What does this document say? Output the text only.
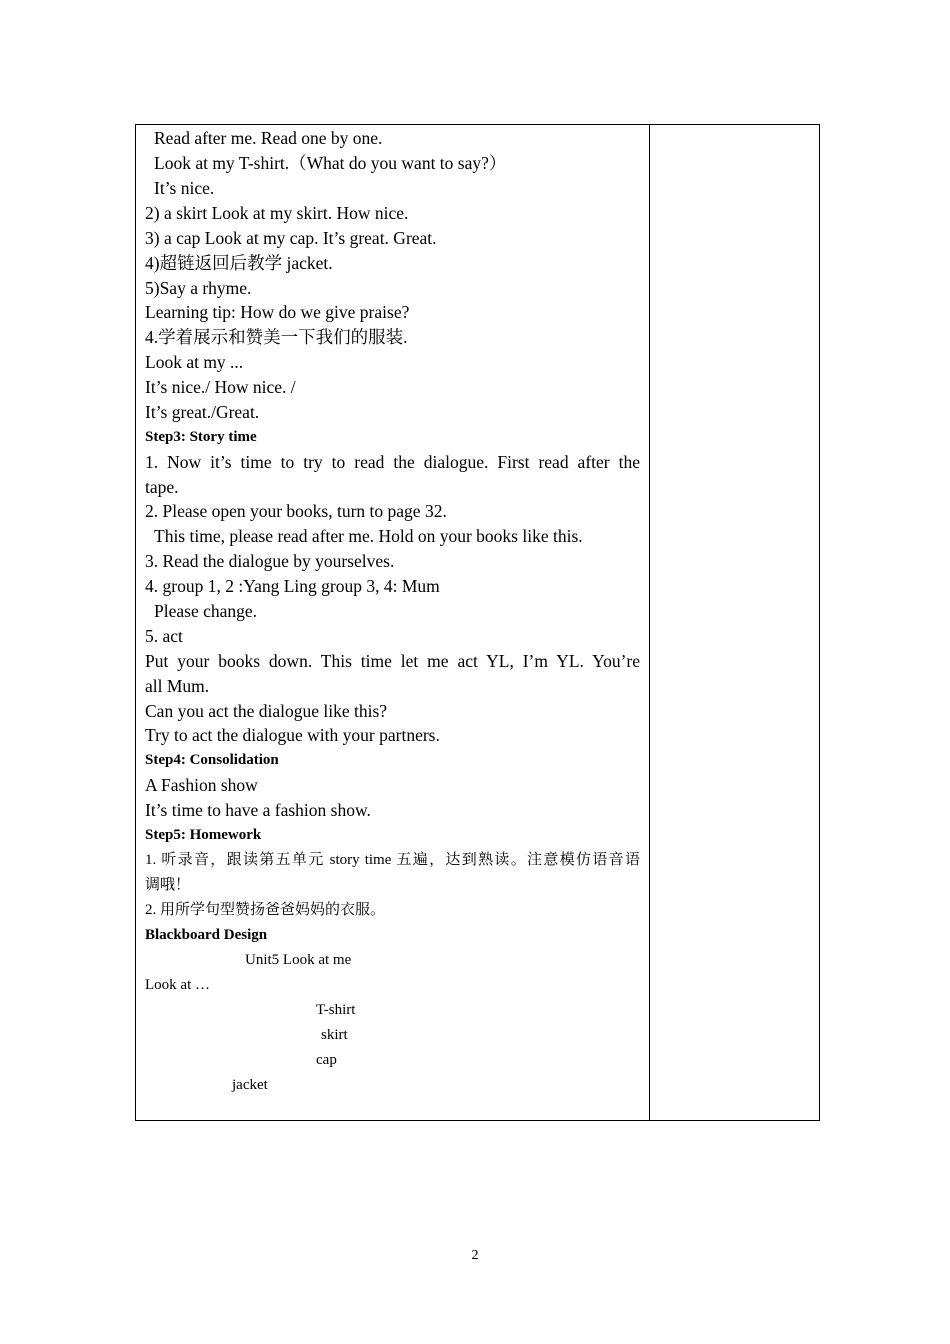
Read after me. Read one by one.
Look at my T-shirt.（What do you want to say?）
It’s nice.
2) a skirt Look at my skirt. How nice.
3) a cap Look at my cap. It’s great. Great.
4)超链返回后教学 jacket.
5)Say a rhyme.
Learning tip: How do we give praise?
4.学着展示和赞美一下我们的服装.
Look at my ...
It’s nice./ How nice. /
It’s great./Great.
Step3: Story time
1. Now it’s time to try to read the dialogue. First read after the
tape.
2. Please open your books, turn to page 32.
This time, please read after me. Hold on your books like this.
3. Read the dialogue by yourselves.
4. group 1, 2 :Yang Ling group 3, 4: Mum
Please change.
5. act
Put your books down. This time let me act YL, I’m YL. You’re
all Mum.
Can you act the dialogue like this?
Try to act the dialogue with your partners.
Step4: Consolidation
A Fashion show
It’s time to have a fashion show.
Step5: Homework
1. 听录音，跟读第五单元 story time 五遍，达到熟读。注意模仿语音语
调哦！
2. 用所学句型赞扬爸爸妈妈的衣服。
Blackboard Design
Unit5 Look at me
Look at …
T-shirt
skirt
cap
jacket
2
